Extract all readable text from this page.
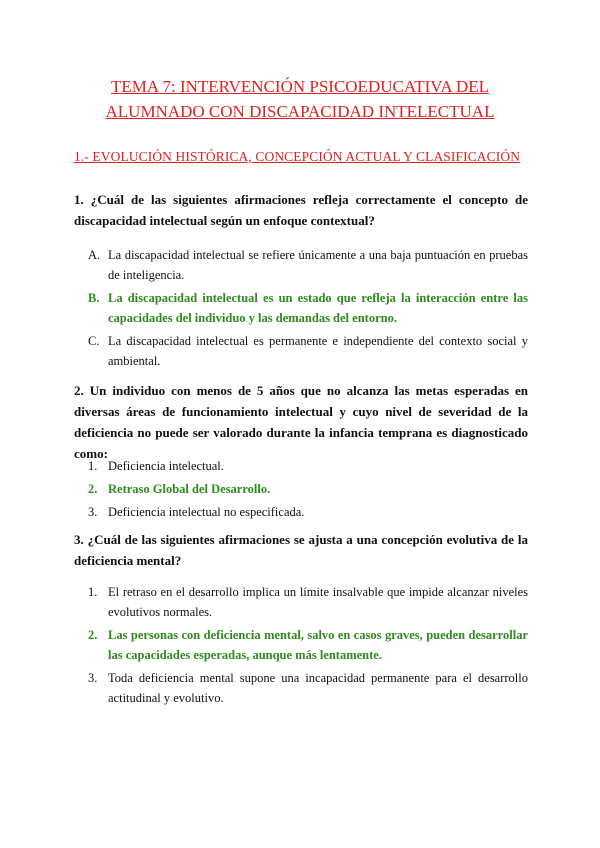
TEMA 7: INTERVENCIÓN PSICOEDUCATIVA DEL
ALUMNADO CON DISCAPACIDAD INTELECTUAL
1.- EVOLUCIÓN HISTÓRICA, CONCEPCIÓN ACTUAL Y CLASIFICACIÓN
1. ¿Cuál de las siguientes afirmaciones refleja correctamente el concepto de discapacidad intelectual según un enfoque contextual?
A. La discapacidad intelectual se refiere únicamente a una baja puntuación en pruebas de inteligencia.
B. La discapacidad intelectual es un estado que refleja la interacción entre las capacidades del individuo y las demandas del entorno.
C. La discapacidad intelectual es permanente e independiente del contexto social y ambiental.
2. Un individuo con menos de 5 años que no alcanza las metas esperadas en diversas áreas de funcionamiento intelectual y cuyo nivel de severidad de la deficiencia no puede ser valorado durante la infancia temprana es diagnosticado como:
1. Deficiencia intelectual.
2. Retraso Global del Desarrollo.
3. Deficiencia intelectual no especificada.
3. ¿Cuál de las siguientes afirmaciones se ajusta a una concepción evolutiva de la deficiencia mental?
1. El retraso en el desarrollo implica un límite insalvable que impide alcanzar niveles evolutivos normales.
2. Las personas con deficiencia mental, salvo en casos graves, pueden desarrollar las capacidades esperadas, aunque más lentamente.
3. Toda deficiencia mental supone una incapacidad permanente para el desarrollo actitudinal y evolutivo.
